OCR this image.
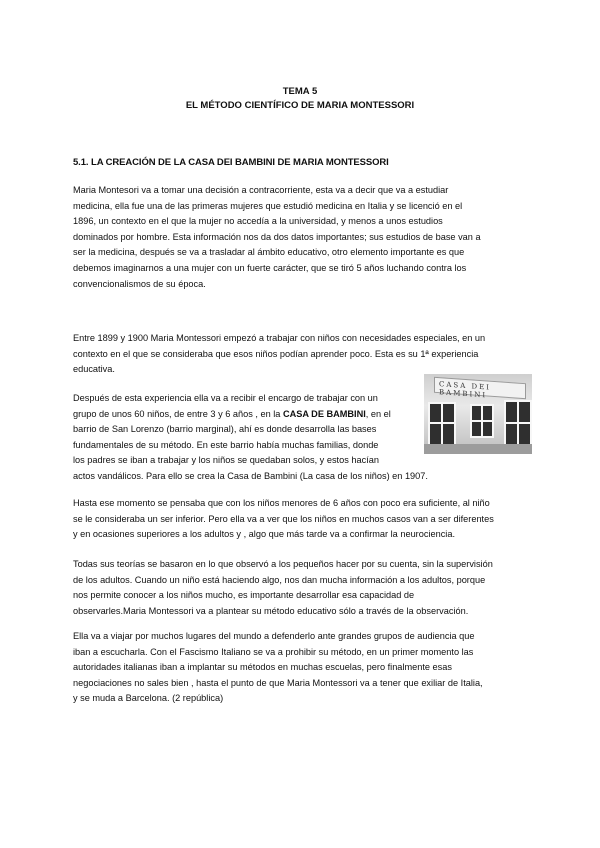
TEMA 5
EL MÉTODO CIENTÍFICO DE MARIA MONTESSORI
5.1. LA CREACIÓN DE LA CASA DEI BAMBINI DE MARIA MONTESSORI

Maria Montesori va a tomar una decisión a contracorriente, esta va a decir que va a estudiar
medicina, ella fue una de las primeras mujeres que estudió medicina en Italia y se licenció en el
1896, un contexto en el que la mujer no accedía a la universidad, y menos a unos estudios
dominados por hombre. Esta información nos da dos datos importantes; sus estudios de base van a
ser la medicina, después se va a trasladar al ámbito educativo, otro elemento importante es que
debemos imaginarnos a una mujer con un fuerte carácter, que se tiró 5 años luchando contra los
convencionalismos de su época.

Entre 1899 y 1900 Maria Montessori empezó a trabajar con niños con necesidades especiales, en un
contexto en el que se consideraba que esos niños podían aprender poco. Esta es su 1ª experiencia
educativa.

CASA DEI BAMBINI

Después de esta experiencia ella va a recibir el encargo de trabajar con un
grupo de unos 60 niños, de entre 3 y 6 años , en la CASA DE BAMBINI, en el
barrio de San Lorenzo (barrio marginal), ahí es donde desarrolla las bases
fundamentales de su método. En este barrio había muchas familias, donde
los padres se iban a trabajar y los niños se quedaban solos, y estos hacían
actos vandálicos. Para ello se crea la Casa de Bambini (La casa de los niños) en 1907.

Hasta ese momento se pensaba que con los niños menores de 6 años con poco era suficiente, al niño
se le consideraba un ser inferior. Pero ella va a ver que los niños en muchos casos van a ser diferentes
y en ocasiones superiores a los adultos y , algo que más tarde va a confirmar la neurociencia.

Todas sus teorías se basaron en lo que observó a los pequeños hacer por su cuenta, sin la supervisión
de los adultos. Cuando un niño está haciendo algo, nos dan mucha información a los adultos, porque
nos permite conocer a los niños mucho, es importante desarrollar esa capacidad de
observarles.Maria Montessori va a plantear su método educativo sólo a través de la observación.

Ella va a viajar por muchos lugares del mundo a defenderlo ante grandes grupos de audiencia que
iban a escucharla. Con el Fascismo Italiano se va a prohibir su método, en un primer momento las
autoridades italianas iban a implantar su métodos en muchas escuelas, pero finalmente esas
negociaciones no sales bien , hasta el punto de que Maria Montessori va a tener que exiliar de Italia,
y se muda a Barcelona. (2 república)
